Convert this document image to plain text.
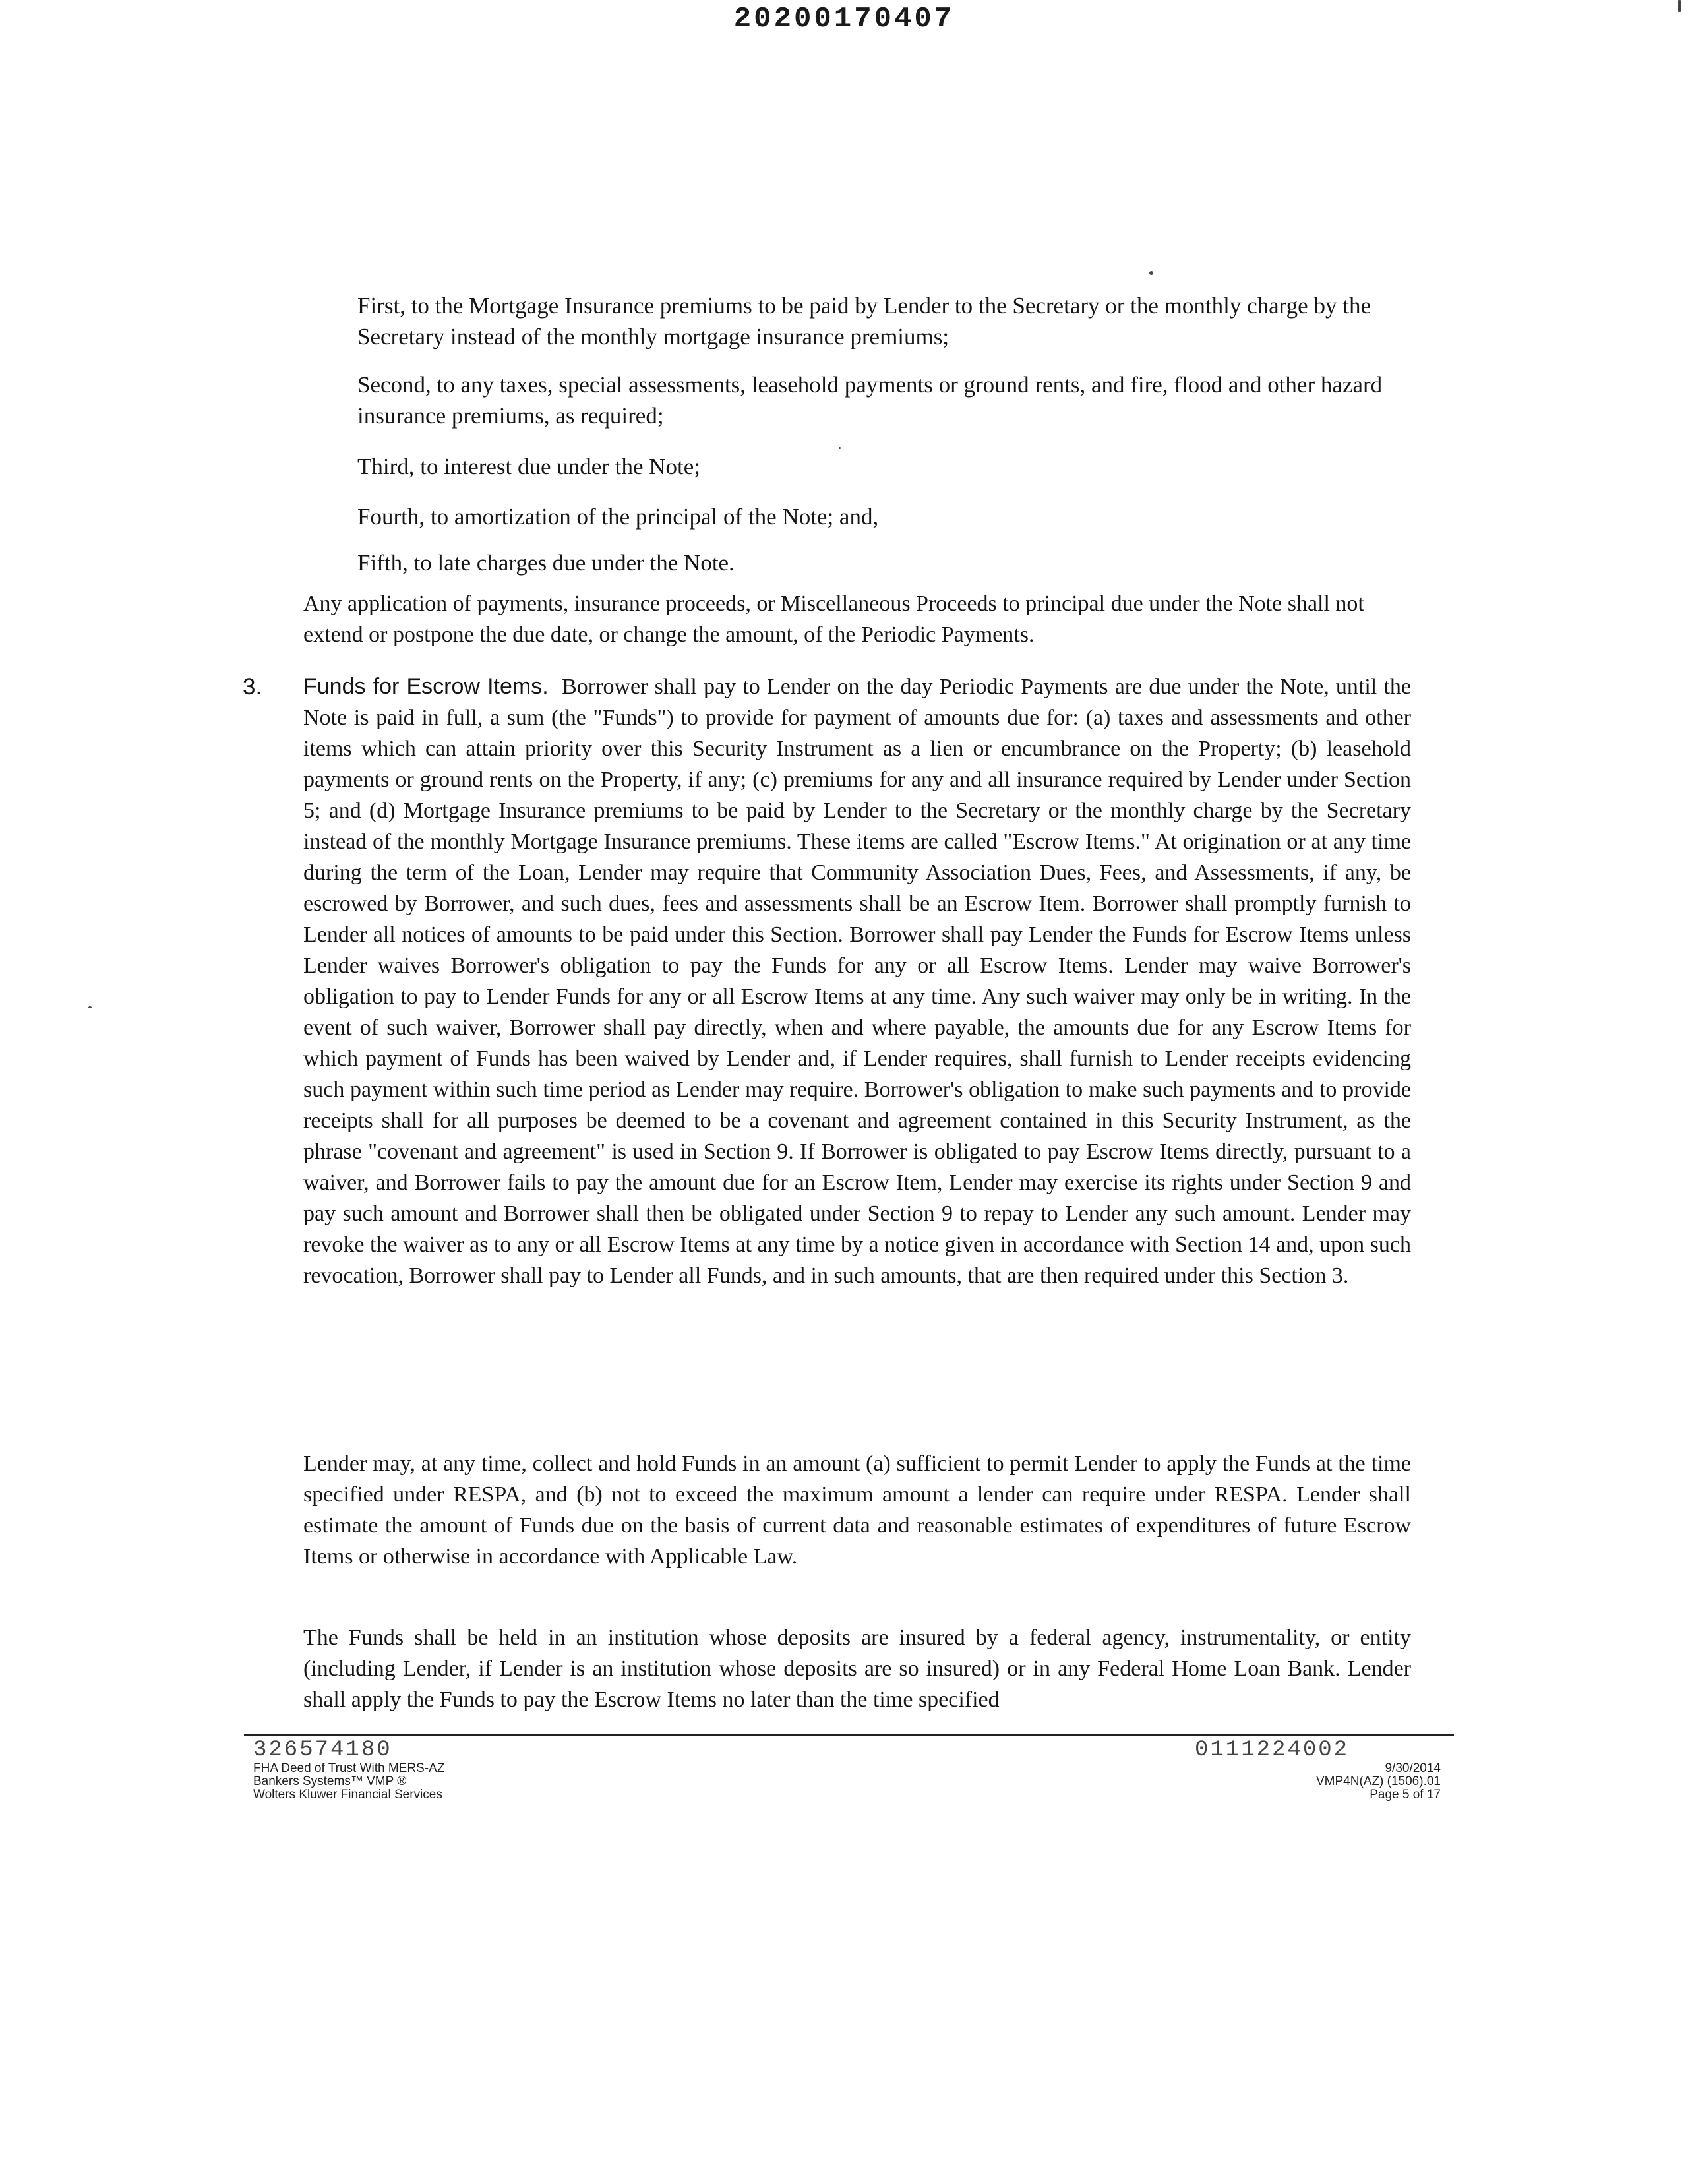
20200170407
First, to the Mortgage Insurance premiums to be paid by Lender to the Secretary or the monthly charge by the Secretary instead of the monthly mortgage insurance premiums;
Second, to any taxes, special assessments, leasehold payments or ground rents, and fire, flood and other hazard insurance premiums, as required;
Third, to interest due under the Note;
Fourth, to amortization of the principal of the Note; and,
Fifth, to late charges due under the Note.
Any application of payments, insurance proceeds, or Miscellaneous Proceeds to principal due under the Note shall not extend or postpone the due date, or change the amount, of the Periodic Payments.
3. Funds for Escrow Items. Borrower shall pay to Lender on the day Periodic Payments are due under the Note, until the Note is paid in full, a sum (the "Funds") to provide for payment of amounts due for: (a) taxes and assessments and other items which can attain priority over this Security Instrument as a lien or encumbrance on the Property; (b) leasehold payments or ground rents on the Property, if any; (c) premiums for any and all insurance required by Lender under Section 5; and (d) Mortgage Insurance premiums to be paid by Lender to the Secretary or the monthly charge by the Secretary instead of the monthly Mortgage Insurance premiums. These items are called "Escrow Items." At origination or at any time during the term of the Loan, Lender may require that Community Association Dues, Fees, and Assessments, if any, be escrowed by Borrower, and such dues, fees and assessments shall be an Escrow Item. Borrower shall promptly furnish to Lender all notices of amounts to be paid under this Section. Borrower shall pay Lender the Funds for Escrow Items unless Lender waives Borrower's obligation to pay the Funds for any or all Escrow Items. Lender may waive Borrower's obligation to pay to Lender Funds for any or all Escrow Items at any time. Any such waiver may only be in writing. In the event of such waiver, Borrower shall pay directly, when and where payable, the amounts due for any Escrow Items for which payment of Funds has been waived by Lender and, if Lender requires, shall furnish to Lender receipts evidencing such payment within such time period as Lender may require. Borrower's obligation to make such payments and to provide receipts shall for all purposes be deemed to be a covenant and agreement contained in this Security Instrument, as the phrase "covenant and agreement" is used in Section 9. If Borrower is obligated to pay Escrow Items directly, pursuant to a waiver, and Borrower fails to pay the amount due for an Escrow Item, Lender may exercise its rights under Section 9 and pay such amount and Borrower shall then be obligated under Section 9 to repay to Lender any such amount. Lender may revoke the waiver as to any or all Escrow Items at any time by a notice given in accordance with Section 14 and, upon such revocation, Borrower shall pay to Lender all Funds, and in such amounts, that are then required under this Section 3.
Lender may, at any time, collect and hold Funds in an amount (a) sufficient to permit Lender to apply the Funds at the time specified under RESPA, and (b) not to exceed the maximum amount a lender can require under RESPA. Lender shall estimate the amount of Funds due on the basis of current data and reasonable estimates of expenditures of future Escrow Items or otherwise in accordance with Applicable Law.
The Funds shall be held in an institution whose deposits are insured by a federal agency, instrumentality, or entity (including Lender, if Lender is an institution whose deposits are so insured) or in any Federal Home Loan Bank. Lender shall apply the Funds to pay the Escrow Items no later than the time specified
326574180
FHA Deed of Trust With MERS-AZ
Bankers Systems™ VMP ®
Wolters Kluwer Financial Services
0111224002
9/30/2014
VMP4N(AZ) (1506).01
Page 5 of 17
